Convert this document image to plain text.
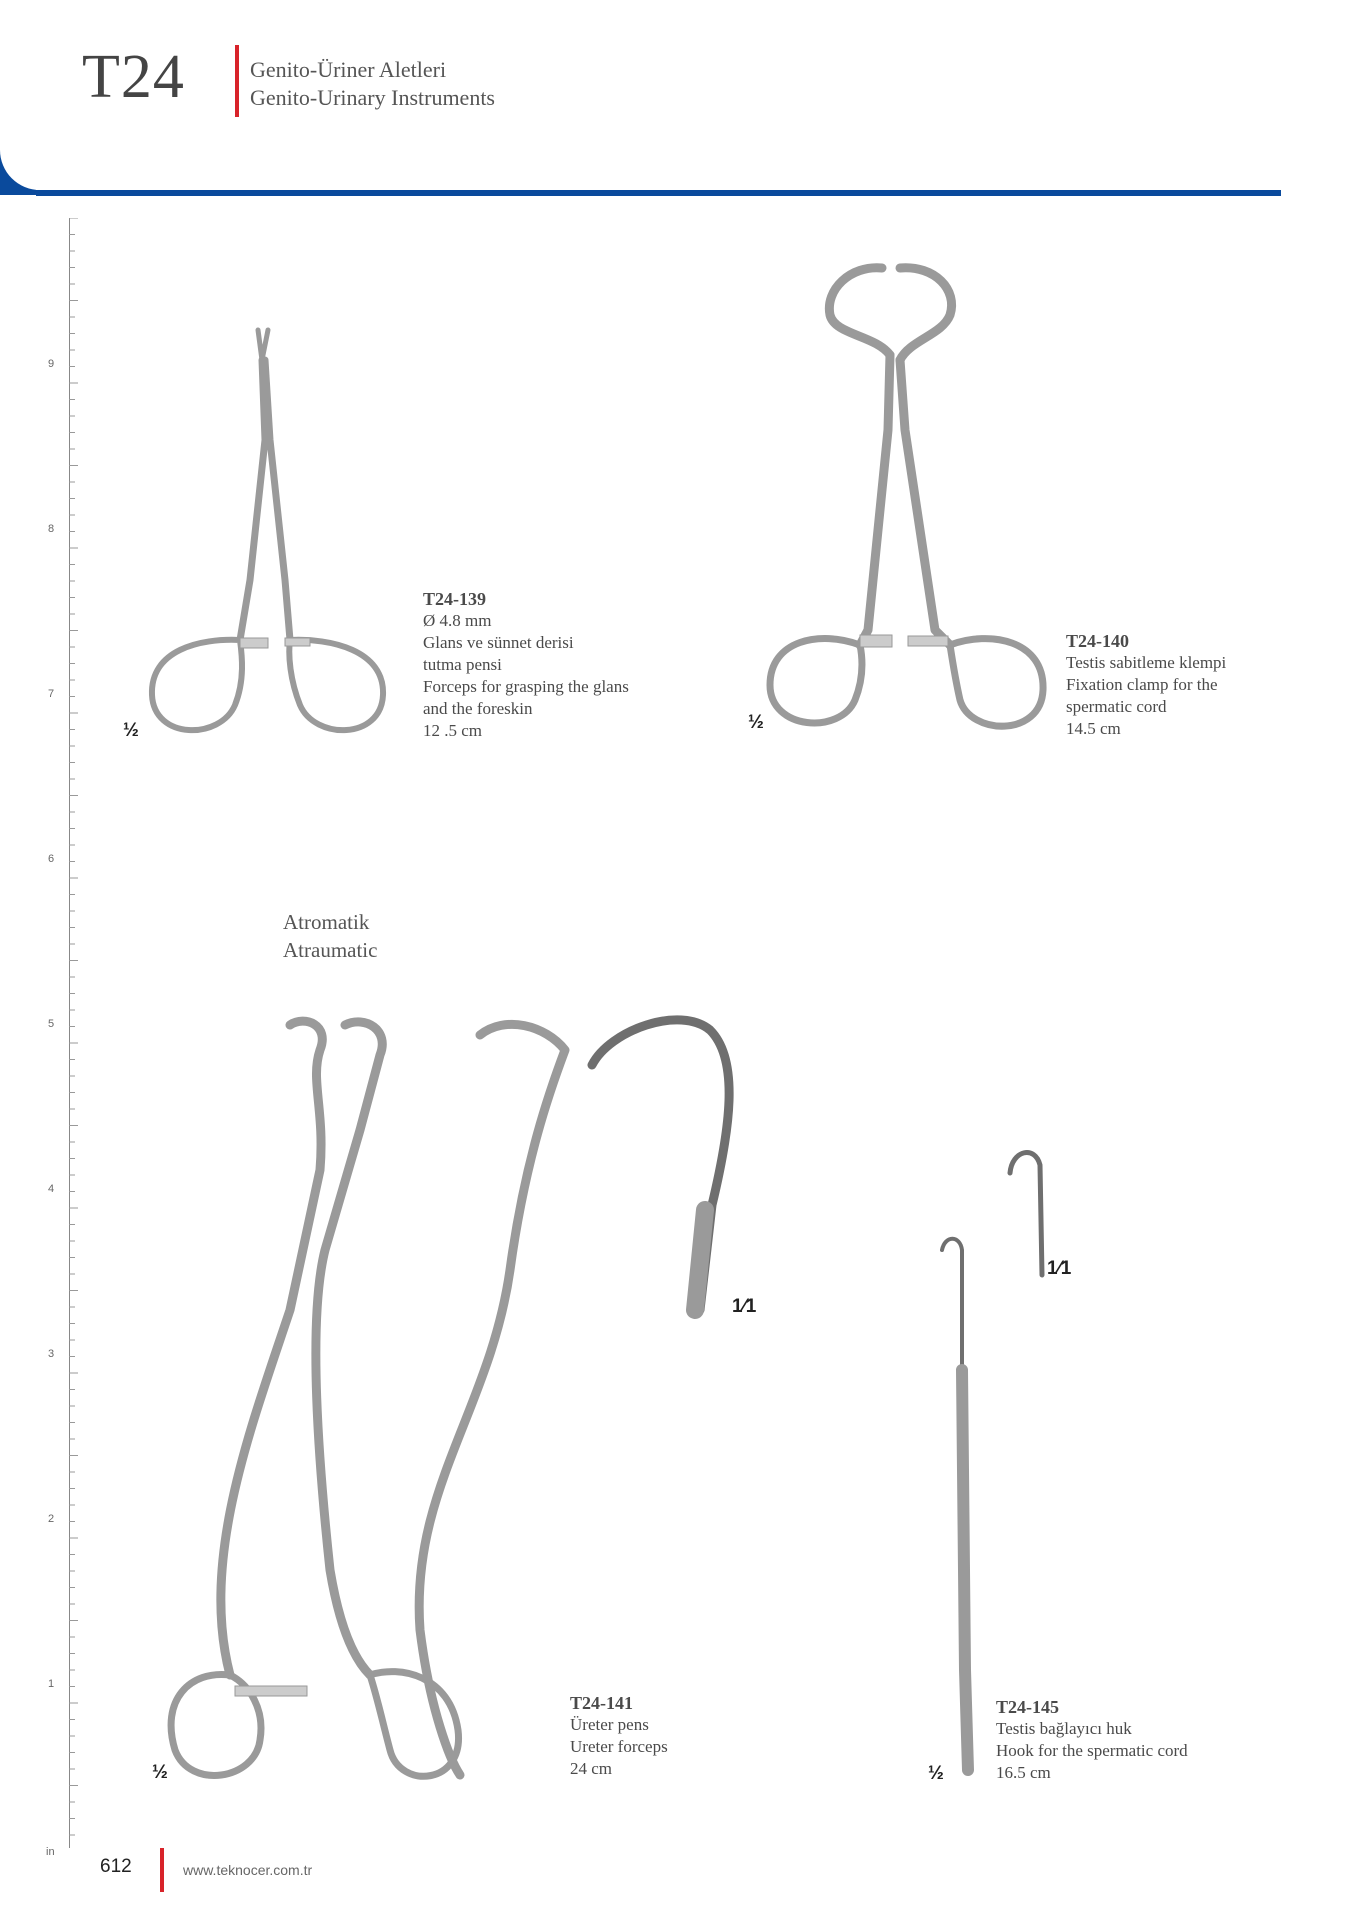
T24	Genito-Üriner Aletleri
Genito-Urinary Instruments
9
8
7
6
5
4
3
2
1
in
½
T24-139
Ø 4.8 mm
Glans ve sünnet derisi
tutma pensi
Forceps for grasping the glans
and the foreskin
12 .5 cm	½
T24-140
Testis sabitleme klempi
Fixation clamp for the
spermatic cord
14.5 cm
Atromatik
Atraumatic
½
1⁄1
T24-141
Üreter pens
Ureter forceps
24 cm
1⁄1
½
T24-145
Testis bağlayıcı huk
Hook for the spermatic cord
16.5 cm
612	www.teknocer.com.tr
